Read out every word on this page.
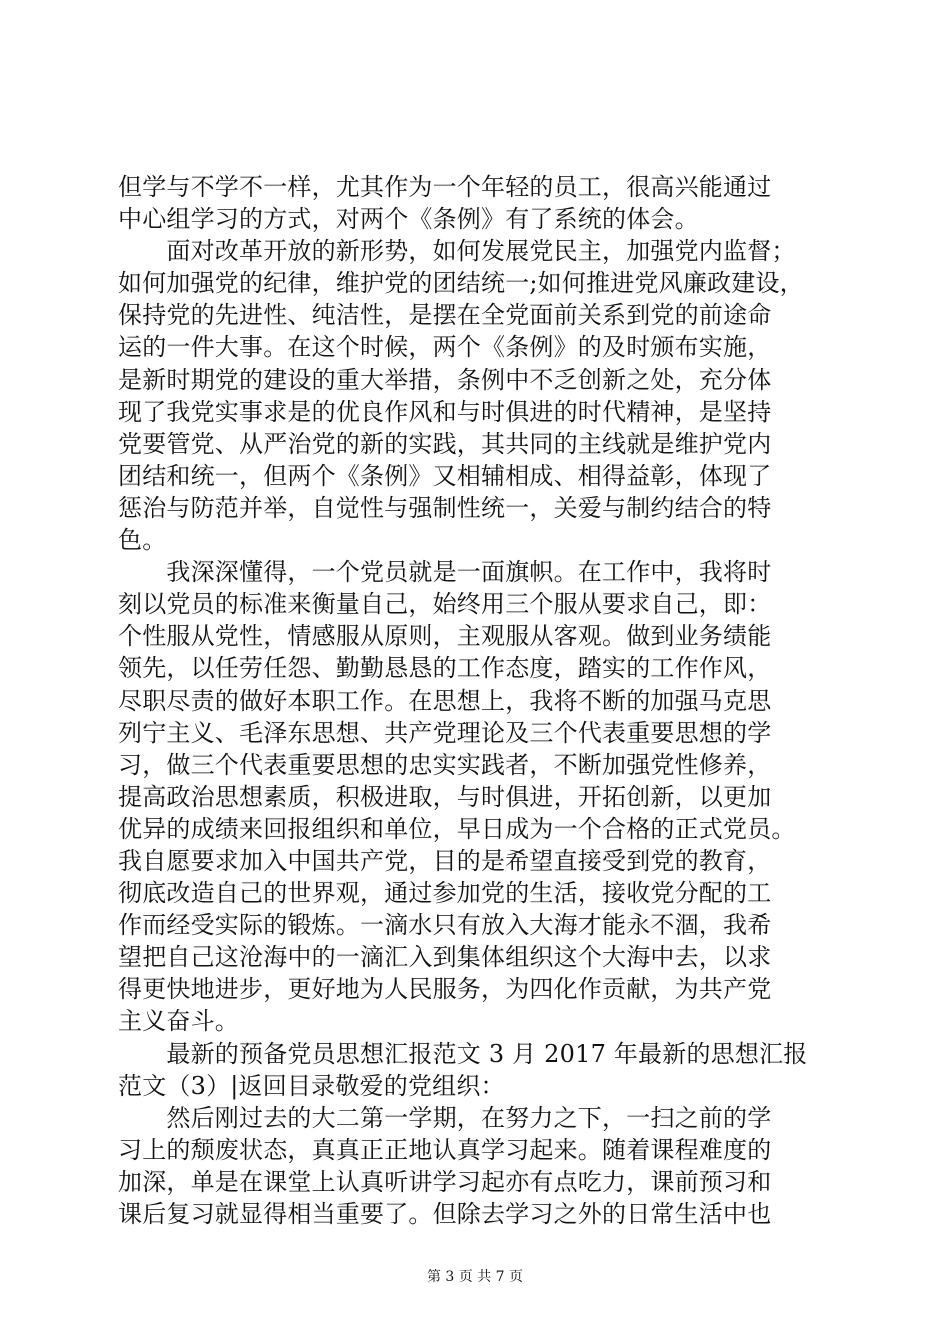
但学与不学不一样，尤其作为一个年轻的员工，很高兴能通过
中心组学习的方式，对两个《条例》有了系统的体会。
　　面对改革开放的新形势，如何发展党民主，加强党内监督；
如何加强党的纪律，维护党的团结统一;如何推进党风廉政建设，
保持党的先进性、纯洁性，是摆在全党面前关系到党的前途命
运的一件大事。在这个时候，两个《条例》的及时颁布实施，
是新时期党的建设的重大举措，条例中不乏创新之处，充分体
现了我党实事求是的优良作风和与时俱进的时代精神，是坚持
党要管党、从严治党的新的实践，其共同的主线就是维护党内
团结和统一，但两个《条例》又相辅相成、相得益彰，体现了
惩治与防范并举，自觉性与强制性统一，关爱与制约结合的特
色。
　　我深深懂得，一个党员就是一面旗帜。在工作中，我将时
刻以党员的标准来衡量自己，始终用三个服从要求自己，即：
个性服从党性，情感服从原则，主观服从客观。做到业务绩能
领先，以任劳任怨、勤勤恳恳的工作态度，踏实的工作作风，
尽职尽责的做好本职工作。在思想上，我将不断的加强马克思
列宁主义、毛泽东思想、共产党理论及三个代表重要思想的学
习，做三个代表重要思想的忠实实践者，不断加强党性修养，
提高政治思想素质，积极进取，与时俱进，开拓创新，以更加
优异的成绩来回报组织和单位，早日成为一个合格的正式党员。
我自愿要求加入中国共产党，目的是希望直接受到党的教育，
彻底改造自己的世界观，通过参加党的生活，接收党分配的工
作而经受实际的锻炼。一滴水只有放入大海才能永不涸，我希
望把自己这沧海中的一滴汇入到集体组织这个大海中去，以求
得更快地进步，更好地为人民服务，为四化作贡献，为共产党
主义奋斗。
　　最新的预备党员思想汇报范文 3 月 2017 年最新的思想汇报
范文（3）|返回目录敬爱的党组织：
　　然后刚过去的大二第一学期，在努力之下，一扫之前的学
习上的颓废状态，真真正正地认真学习起来。随着课程难度的
加深，单是在课堂上认真听讲学习起亦有点吃力，课前预习和
课后复习就显得相当重要了。但除去学习之外的日常生活中也
第 3 页 共 7 页
